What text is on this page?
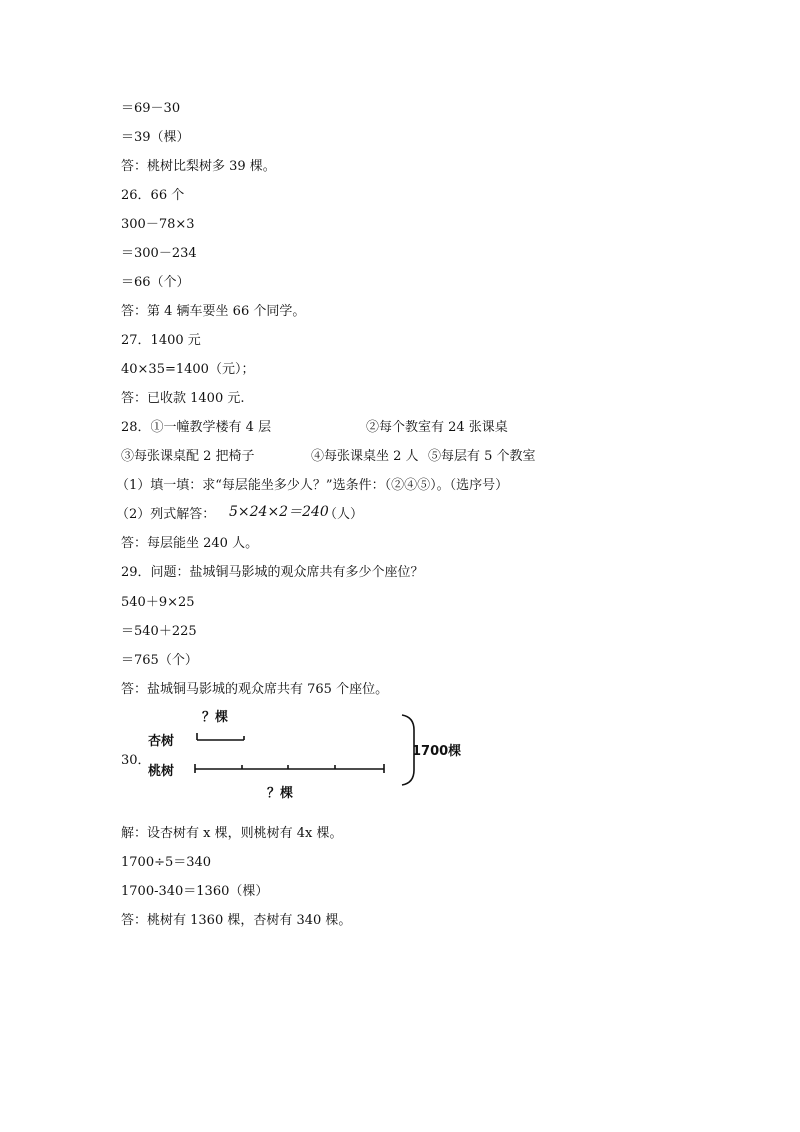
＝69－30
＝39（棵）
答：桃树比梨树多 39 棵。
26．66 个
300－78×3
＝300－234
＝66（个）
答：第 4 辆车要坐 66 个同学。
27．1400 元
40×35=1400（元）；
答：已收款 1400 元.
28．①一幢教学楼有 4 层	②每个教室有 24 张课桌
③每张课桌配 2 把椅子	④每张课桌坐 2 人 ⑤每层有 5 个教室
（1）填一填：求“每层能坐多少人？”选条件：（②④⑤）。（选序号）
（2）列式解答： 5×24×2＝240
（人）
答：每层能坐 240 人。
29．问题：盐城铜马影城的观众席共有多少个座位？
540＋9×25
＝540＋225
＝765（个）
答：盐城铜马影城的观众席共有 765 个座位。
30．
？棵
杏树
桃树
？棵
1700棵
解：设杏树有 x 棵，则桃树有 4x 棵。
1700÷5＝340
1700-340＝1360（棵）
答：桃树有 1360 棵，杏树有 340 棵。
